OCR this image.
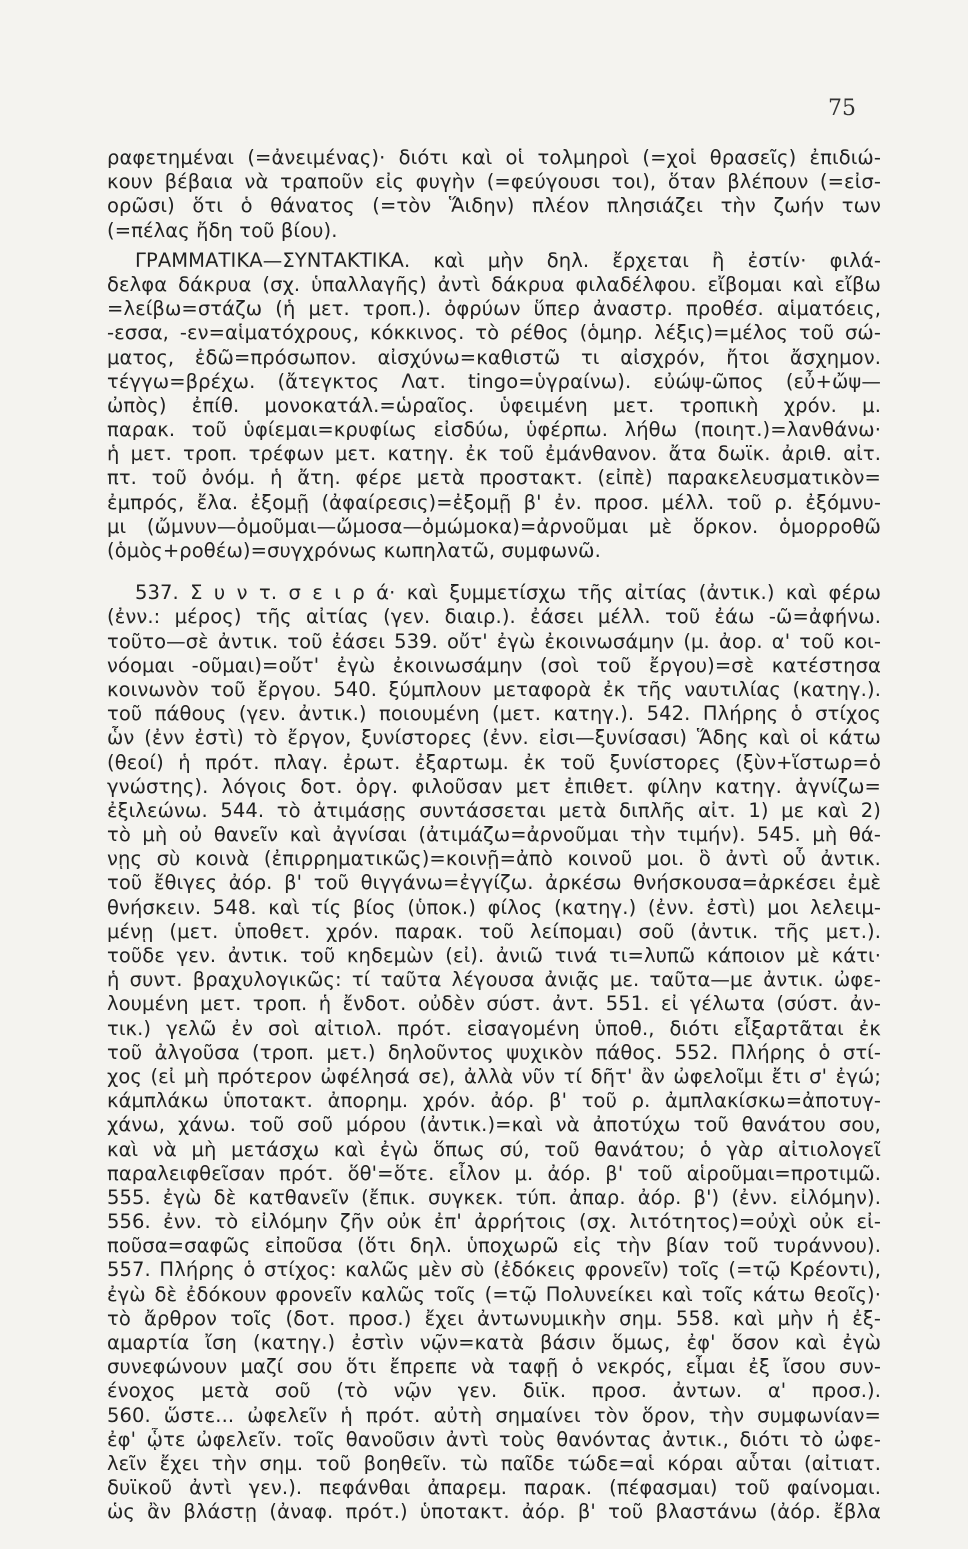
75
ραφετημέναι (=ἀνειμένας)· διότι καὶ οἱ τολμηροὶ (=χοἱ θρασεῖς) ἐπιδιώ-
κουν βέβαια νὰ τραποῦν εἰς φυγὴν (=φεύγουσι τοι), ὅταν βλέπουν (=εἰσ-
ορῶσι) ὅτι ὁ θάνατος (=τὸν Ἅιδην) πλέον πλησιάζει τὴν ζωήν των
(=πέλας ἤδη τοῦ βίου).
ΓΡΑΜΜΑΤΙΚΑ—ΣΥΝΤΑΚΤΙΚΑ. καὶ μὴν δηλ. ἔρχεται ἢ ἐστίν· φιλά-
δελφα δάκρυα (σχ. ὑπαλλαγῆς) ἀντὶ δάκρυα φιλαδέλφου. εἴβομαι καὶ εἴβω
=λείβω=στάζω (ἡ μετ. τροπ.). ὀφρύων ὕπερ ἀναστρ. προθέσ. αἱματόεις,
-εσσα, -εν=αἱματόχρους, κόκκινος. τὸ ρέθος (ὁμηρ. λέξις)=μέλος τοῦ σώ-
ματος, ἐδῶ=πρόσωπον. αἰσχύνω=καθιστῶ τι αἰσχρόν, ἤτοι ἄσχημον.
τέγγω=βρέχω. (ἄτεγκτος Λατ. tingo=ὑγραίνω). εὐώψ-ῶπος (εὖ+ὤψ—
ὠπὸς) ἐπίθ. μονοκατάλ.=ὡραῖος. ὑφειμένη μετ. τροπικὴ χρόν. μ.
παρακ. τοῦ ὑφίεμαι=κρυφίως εἰσδύω, ὑφέρπω. λήθω (ποιητ.)=λανθάνω·
ἡ μετ. τροπ. τρέφων μετ. κατηγ. ἐκ τοῦ ἐμάνθανον. ἄτα δωϊκ. ἀριθ. αἰτ.
πτ. τοῦ ὀνόμ. ἡ ἄτη. φέρε μετὰ προστακτ. (εἰπὲ) παρακελευσματικὸν=
ἐμπρός, ἔλα. ἐξομῇ (ἀφαίρεσις)=ἐξομῇ β' ἐν. προσ. μέλλ. τοῦ ρ. ἐξόμνυ-
μι (ὤμνυν—ὀμοῦμαι—ὤμοσα—ὀμώμοκα)=ἀρνοῦμαι μὲ ὅρκον. ὁμορροθῶ
(ὁμὸς+ροθέω)=συγχρόνως κωπηλατῶ, συμφωνῶ.
537. Σ υ ν τ. σ ε ι ρ ά· καὶ ξυμμετίσχω τῆς αἰτίας (ἀντικ.) καὶ φέρω
(ἐνν.: μέρος) τῆς αἰτίας (γεν. διαιρ.). ἐάσει μέλλ. τοῦ ἐάω -ῶ=ἀφήνω.
τοῦτο—σὲ ἀντικ. τοῦ ἐάσει 539. οὔτ' ἐγὼ ἐκοινωσάμην (μ. ἀορ. α' τοῦ κοι-
νόομαι -οῦμαι)=οὔτ' ἐγὼ ἐκοινωσάμην (σοὶ τοῦ ἔργου)=σὲ κατέστησα
κοινωνὸν τοῦ ἔργου. 540. ξύμπλουν μεταφορὰ ἐκ τῆς ναυτιλίας (κατηγ.).
τοῦ πάθους (γεν. ἀντικ.) ποιουμένη (μετ. κατηγ.). 542. Πλήρης ὁ στίχος
ὧν (ἐνν ἐστὶ) τὸ ἔργον, ξυνίστορες (ἐνν. εἰσι—ξυνίσασι) Ἅδης καὶ οἱ κάτω
(θεοί) ἡ πρότ. πλαγ. ἐρωτ. ἐξαρτωμ. ἐκ τοῦ ξυνίστορες (ξὺν+ἵστωρ=ὁ
γνώστης). λόγοις δοτ. ὀργ. φιλοῦσαν μετ ἐπιθετ. φίλην κατηγ. ἀγνίζω=
ἐξιλεώνω. 544. τὸ ἀτιμάσῃς συντάσσεται μετὰ διπλῆς αἰτ. 1) με καὶ 2)
τὸ μὴ οὐ θανεῖν καὶ ἀγνίσαι (ἀτιμάζω=ἀρνοῦμαι τὴν τιμήν). 545. μὴ θά-
νῃς σὺ κοινὰ (ἐπιρρηματικῶς)=κοινῇ=ἀπὸ κοινοῦ μοι. ὃ ἀντὶ οὗ ἀντικ.
τοῦ ἔθιγες ἀόρ. β' τοῦ θιγγάνω=ἐγγίζω. ἀρκέσω θνήσκουσα=ἀρκέσει ἐμὲ
θνήσκειν. 548. καὶ τίς βίος (ὑποκ.) φίλος (κατηγ.) (ἐνν. ἐστὶ) μοι λελειμ-
μένῃ (μετ. ὑποθετ. χρόν. παρακ. τοῦ λείπομαι) σοῦ (ἀντικ. τῆς μετ.).
τοῦδε γεν. ἀντικ. τοῦ κηδεμὼν (εἰ). ἀνιῶ τινά τι=λυπῶ κάποιον μὲ κάτι·
ἡ συντ. βραχυλογικῶς: τί ταῦτα λέγουσα ἀνιᾷς με. ταῦτα—με ἀντικ. ὠφε-
λουμένη μετ. τροπ. ἡ ἔνδοτ. οὐδὲν σύστ. ἀντ. 551. εἰ γέλωτα (σύστ. ἀν-
τικ.) γελῶ ἐν σοὶ αἰτιολ. πρότ. εἰσαγομένη ὑποθ., διότι εἶξαρτᾶται ἐκ
τοῦ ἀλγοῦσα (τροπ. μετ.) δηλοῦντος ψυχικὸν πάθος. 552. Πλήρης ὁ στί-
χος (εἰ μὴ πρότερον ὠφέλησά σε), ἀλλὰ νῦν τί δῆτ' ἂν ὠφελοῖμι ἔτι σ' ἐγώ;
κάμπλάκω ὑποτακτ. ἀπορημ. χρόν. ἀόρ. β' τοῦ ρ. ἀμπλακίσκω=ἀποτυγ-
χάνω, χάνω. τοῦ σοῦ μόρου (ἀντικ.)=καὶ νὰ ἀποτύχω τοῦ θανάτου σου,
καὶ νὰ μὴ μετάσχω καὶ ἐγὼ ὅπως σύ, τοῦ θανάτου; ὁ γὰρ αἰτιολογεῖ
παραλειφθεῖσαν πρότ. ὅθ'=ὅτε. εἶλον μ. ἀόρ. β' τοῦ αἱροῦμαι=προτιμῶ.
555. ἐγὼ δὲ κατθανεῖν (ἔπικ. συγκεκ. τύπ. ἀπαρ. ἀόρ. β') (ἐνν. εἰλόμην).
556. ἐνν. τὸ εἰλόμην ζῆν οὐκ ἐπ' ἀρρήτοις (σχ. λιτότητος)=οὐχὶ οὐκ εἰ-
ποῦσα=σαφῶς εἰποῦσα (ὅτι δηλ. ὑποχωρῶ εἰς τὴν βίαν τοῦ τυράννου).
557. Πλήρης ὁ στίχος: καλῶς μὲν σὺ (ἐδόκεις φρονεῖν) τοῖς (=τῷ Κρέοντι),
ἐγὼ δὲ ἐδόκουν φρονεῖν καλῶς τοῖς (=τῷ Πολυνείκει καὶ τοῖς κάτω θεοῖς)·
τὸ ἄρθρον τοῖς (δοτ. προσ.) ἔχει ἀντωνυμικὴν σημ. 558. καὶ μὴν ἡ ἐξ-
αμαρτία ἴση (κατηγ.) ἐστὶν νῷν=κατὰ βάσιν ὅμως, ἐφ' ὅσον καὶ ἐγὼ
συνεφώνουν μαζί σου ὅτι ἔπρεπε νὰ ταφῇ ὁ νεκρός, εἶμαι ἐξ ἴσου συν-
ένοχος μετὰ σοῦ (τὸ νῷν γεν. διϊκ. προσ. ἀντων. α' προσ.).
560. ὥστε... ὠφελεῖν ἡ πρότ. αὐτὴ σημαίνει τὸν ὅρον, τὴν συμφωνίαν=
ἐφ' ᾧτε ὠφελεῖν. τοῖς θανοῦσιν ἀντὶ τοὺς θανόντας ἀντικ., διότι τὸ ὠφε-
λεῖν ἔχει τὴν σημ. τοῦ βοηθεῖν. τὼ παῖδε τώδε=αἱ κόραι αὗται (αἰτιατ.
δυϊκοῦ ἀντὶ γεν.). πεφάνθαι ἀπαρεμ. παρακ. (πέφασμαι) τοῦ φαίνομαι.
ὡς ἂν βλάστῃ (ἀναφ. πρότ.) ὑποτακτ. ἀόρ. β' τοῦ βλαστάνω (ἀόρ. ἔβλα
